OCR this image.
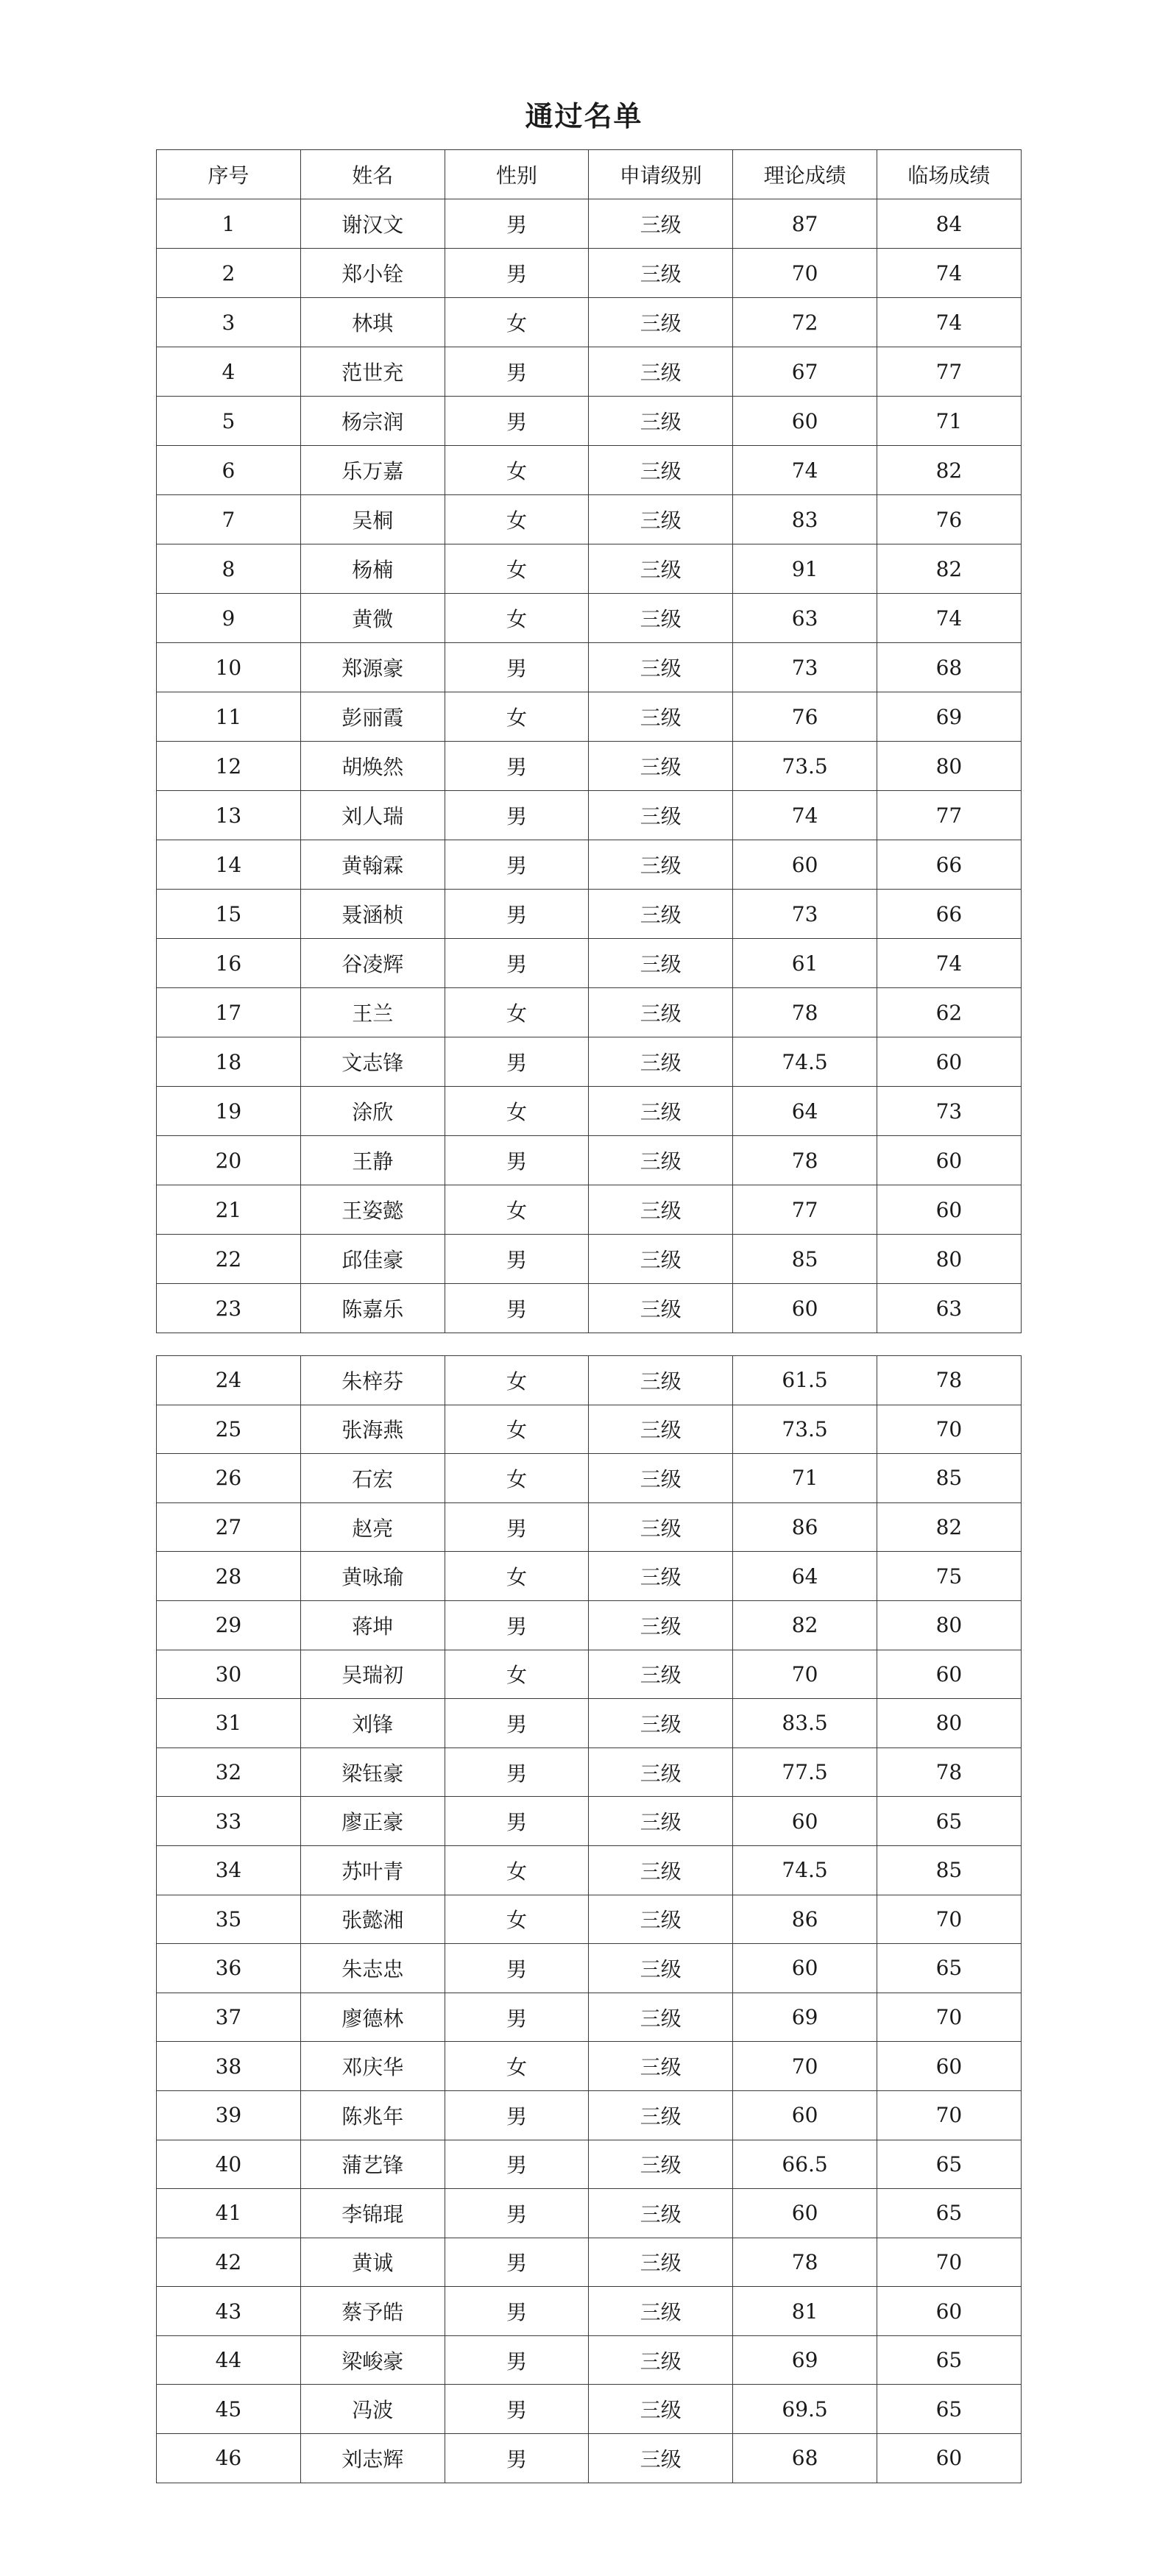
通过名单
序号	姓名	性别	申请级别	理论成绩	临场成绩
1	谢汉文	男	三级	87	84
2	郑小铨	男	三级	70	74
3	林琪	女	三级	72	74
4	范世充	男	三级	67	77
5	杨宗润	男	三级	60	71
6	乐万嘉	女	三级	74	82
7	吴桐	女	三级	83	76
8	杨楠	女	三级	91	82
9	黄微	女	三级	63	74
10	郑源豪	男	三级	73	68
11	彭丽霞	女	三级	76	69
12	胡焕然	男	三级	73.5	80
13	刘人瑞	男	三级	74	77
14	黄翰霖	男	三级	60	66
15	聂涵桢	男	三级	73	66
16	谷凌辉	男	三级	61	74
17	王兰	女	三级	78	62
18	文志锋	男	三级	74.5	60
19	涂欣	女	三级	64	73
20	王静	男	三级	78	60
21	王姿懿	女	三级	77	60
22	邱佳豪	男	三级	85	80
23	陈嘉乐	男	三级	60	63
24	朱梓芬	女	三级	61.5	78
25	张海燕	女	三级	73.5	70
26	石宏	女	三级	71	85
27	赵亮	男	三级	86	82
28	黄咏瑜	女	三级	64	75
29	蒋坤	男	三级	82	80
30	吴瑞初	女	三级	70	60
31	刘锋	男	三级	83.5	80
32	梁钰豪	男	三级	77.5	78
33	廖正豪	男	三级	60	65
34	苏叶青	女	三级	74.5	85
35	张懿湘	女	三级	86	70
36	朱志忠	男	三级	60	65
37	廖德林	男	三级	69	70
38	邓庆华	女	三级	70	60
39	陈兆年	男	三级	60	70
40	蒲艺锋	男	三级	66.5	65
41	李锦琨	男	三级	60	65
42	黄诚	男	三级	78	70
43	蔡予皓	男	三级	81	60
44	梁峻豪	男	三级	69	65
45	冯波	男	三级	69.5	65
46	刘志辉	男	三级	68	60
